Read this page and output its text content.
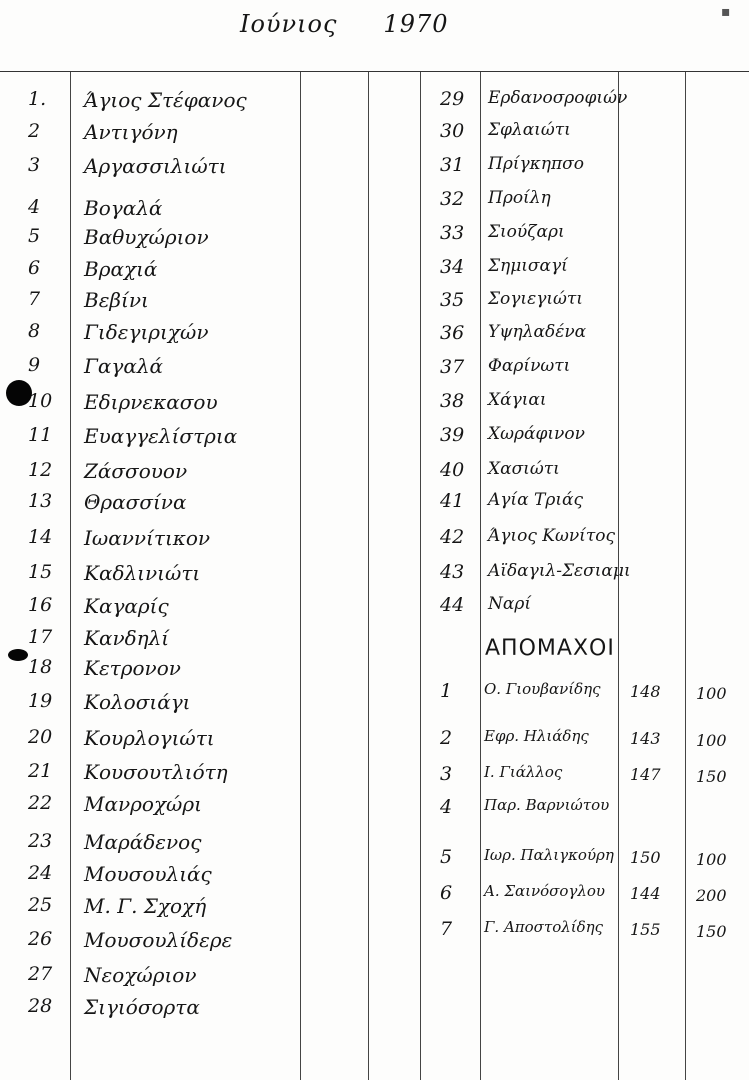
Ιούνιος 1970	▪
1. Άγιος Στέφανος
2 Αντιγόνη
3 Αργασσιλιώτι
4 Βογαλά
5 Βαθυχώριον
6 Βραχιά
7 Βεβίνι
8 Γιδεγιριχών
9 Γαγαλά
10 Εδιρνεκασου
11 Ευαγγελίστρια
12 Ζάσσουον
13 Θρασσίνα
14 Ιωαννίτικον
15 Καδλινιώτι
16 Καγαρίς
17 Κανδηλί
18 Κετρονον
19 Κολοσιάγι
20 Κουρλογιώτι
21 Κουσουτλιότη
22 Μανροχώρι
23 Μαράδενος
24 Μουσουλιάς
25 Μ. Γ. Σχοχή
26 Μουσουλίδερε
27 Νεοχώριον
28 Σιγιόσορτα
29 Ερδανοσροφιών
30 Σφλαιώτι
31 Πρίγκηπσο
32 Προίλη
33 Σιούζαρι
34 Σημισαγί
35 Σογιεγιώτι
36 Υψηλαδένα
37 Φαρίνωτι
38 Χάγιαι
39 Χωράφινον
40 Χασιώτι
41 Αγία Τριάς
42 Άγιος Κωνίτος
43 Αϊδαγιλ-Σεσιαμι
44 Ναρί
ΑΠΟΜΑΧΟΙ
1 Ο. Γιουβανίδης 148 100
2 Εφρ. Ηλιάδης	143 100
3 Ι. Γιάλλος	147 150
4 Παρ. Βαρνιώτου
5 Ιωρ. Παλιγκούρη 150 100
6 Α. Σαινόσογλου 144 200
7 Γ. Αποστολίδης 155 150
